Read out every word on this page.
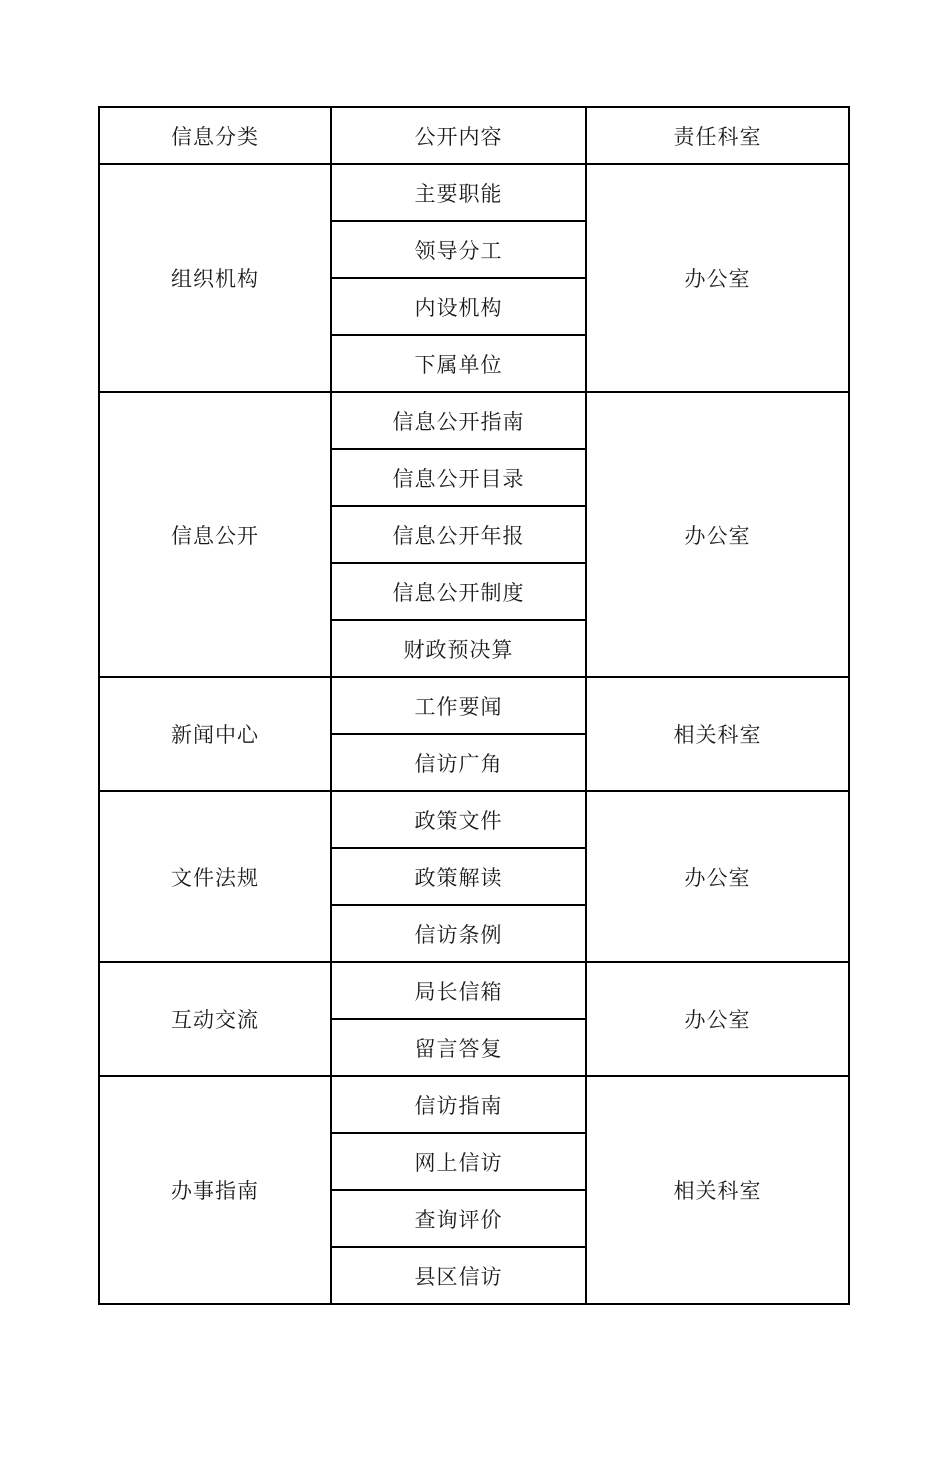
信息分类	公开内容	责任科室
组织机构	主要职能	办公室
	领导分工	
	内设机构	
	下属单位	
信息公开	信息公开指南	办公室
	信息公开目录	
	信息公开年报	
	信息公开制度	
	财政预决算	
新闻中心	工作要闻	相关科室
	信访广角	
文件法规	政策文件	办公室
	政策解读	
	信访条例	
互动交流	局长信箱	办公室
	留言答复	
办事指南	信访指南	相关科室
	网上信访	
	查询评价	
	县区信访	
